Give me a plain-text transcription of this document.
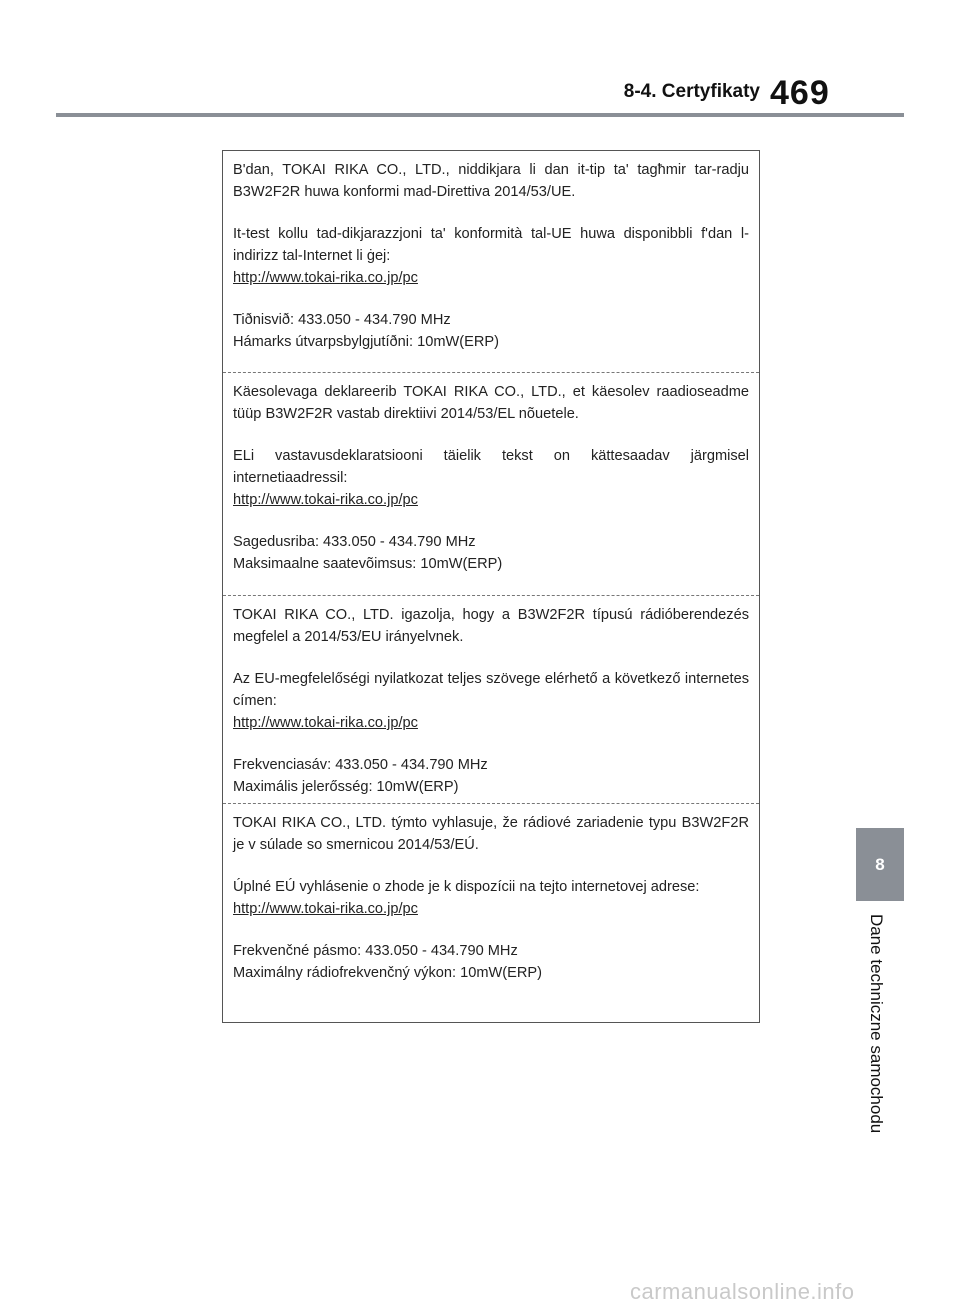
8-4. Certyfikaty 469

B'dan, TOKAI RIKA CO., LTD., niddikjara li dan it-tip ta' tagħmir tar-radju B3W2F2R huwa konformi mad-Direttiva 2014/53/UE.

It-test kollu tad-dikjarazzjoni ta' konformità tal-UE huwa disponibbli f'dan l-indirizz tal-Internet li ġej:

http://www.tokai-rika.co.jp/pc

Tiðnisvið: 433.050 - 434.790 MHz

Hámarks útvarpsbylgjutíðni: 10mW(ERP)

Käesolevaga deklareerib TOKAI RIKA CO., LTD., et käesolev raadioseadme tüüp B3W2F2R vastab direktiivi 2014/53/EL nõuetele.

ELi vastavusdeklaratsiooni täielik tekst on kättesaadav järgmisel internetiaadressil:

http://www.tokai-rika.co.jp/pc

Sagedusriba: 433.050 - 434.790 MHz

Maksimaalne saatevõimsus: 10mW(ERP)

TOKAI RIKA CO., LTD. igazolja, hogy a B3W2F2R típusú rádióberendezés megfelel a 2014/53/EU irányelvnek.

Az EU-megfelelőségi nyilatkozat teljes szövege elérhető a következő internetes címen:

http://www.tokai-rika.co.jp/pc

Frekvenciasáv: 433.050 - 434.790 MHz

Maximális jelerősség: 10mW(ERP)

TOKAI RIKA CO., LTD. týmto vyhlasuje, že rádiové zariadenie typu B3W2F2R je v súlade so smernicou 2014/53/EÚ.

Úplné EÚ vyhlásenie o zhode je k dispozícii na tejto internetovej adrese:

http://www.tokai-rika.co.jp/pc

Frekvenčné pásmo: 433.050 - 434.790 MHz

Maximálny rádiofrekvenčný výkon: 10mW(ERP)

8
Dane techniczne samochodu
carmanualsonline.info
